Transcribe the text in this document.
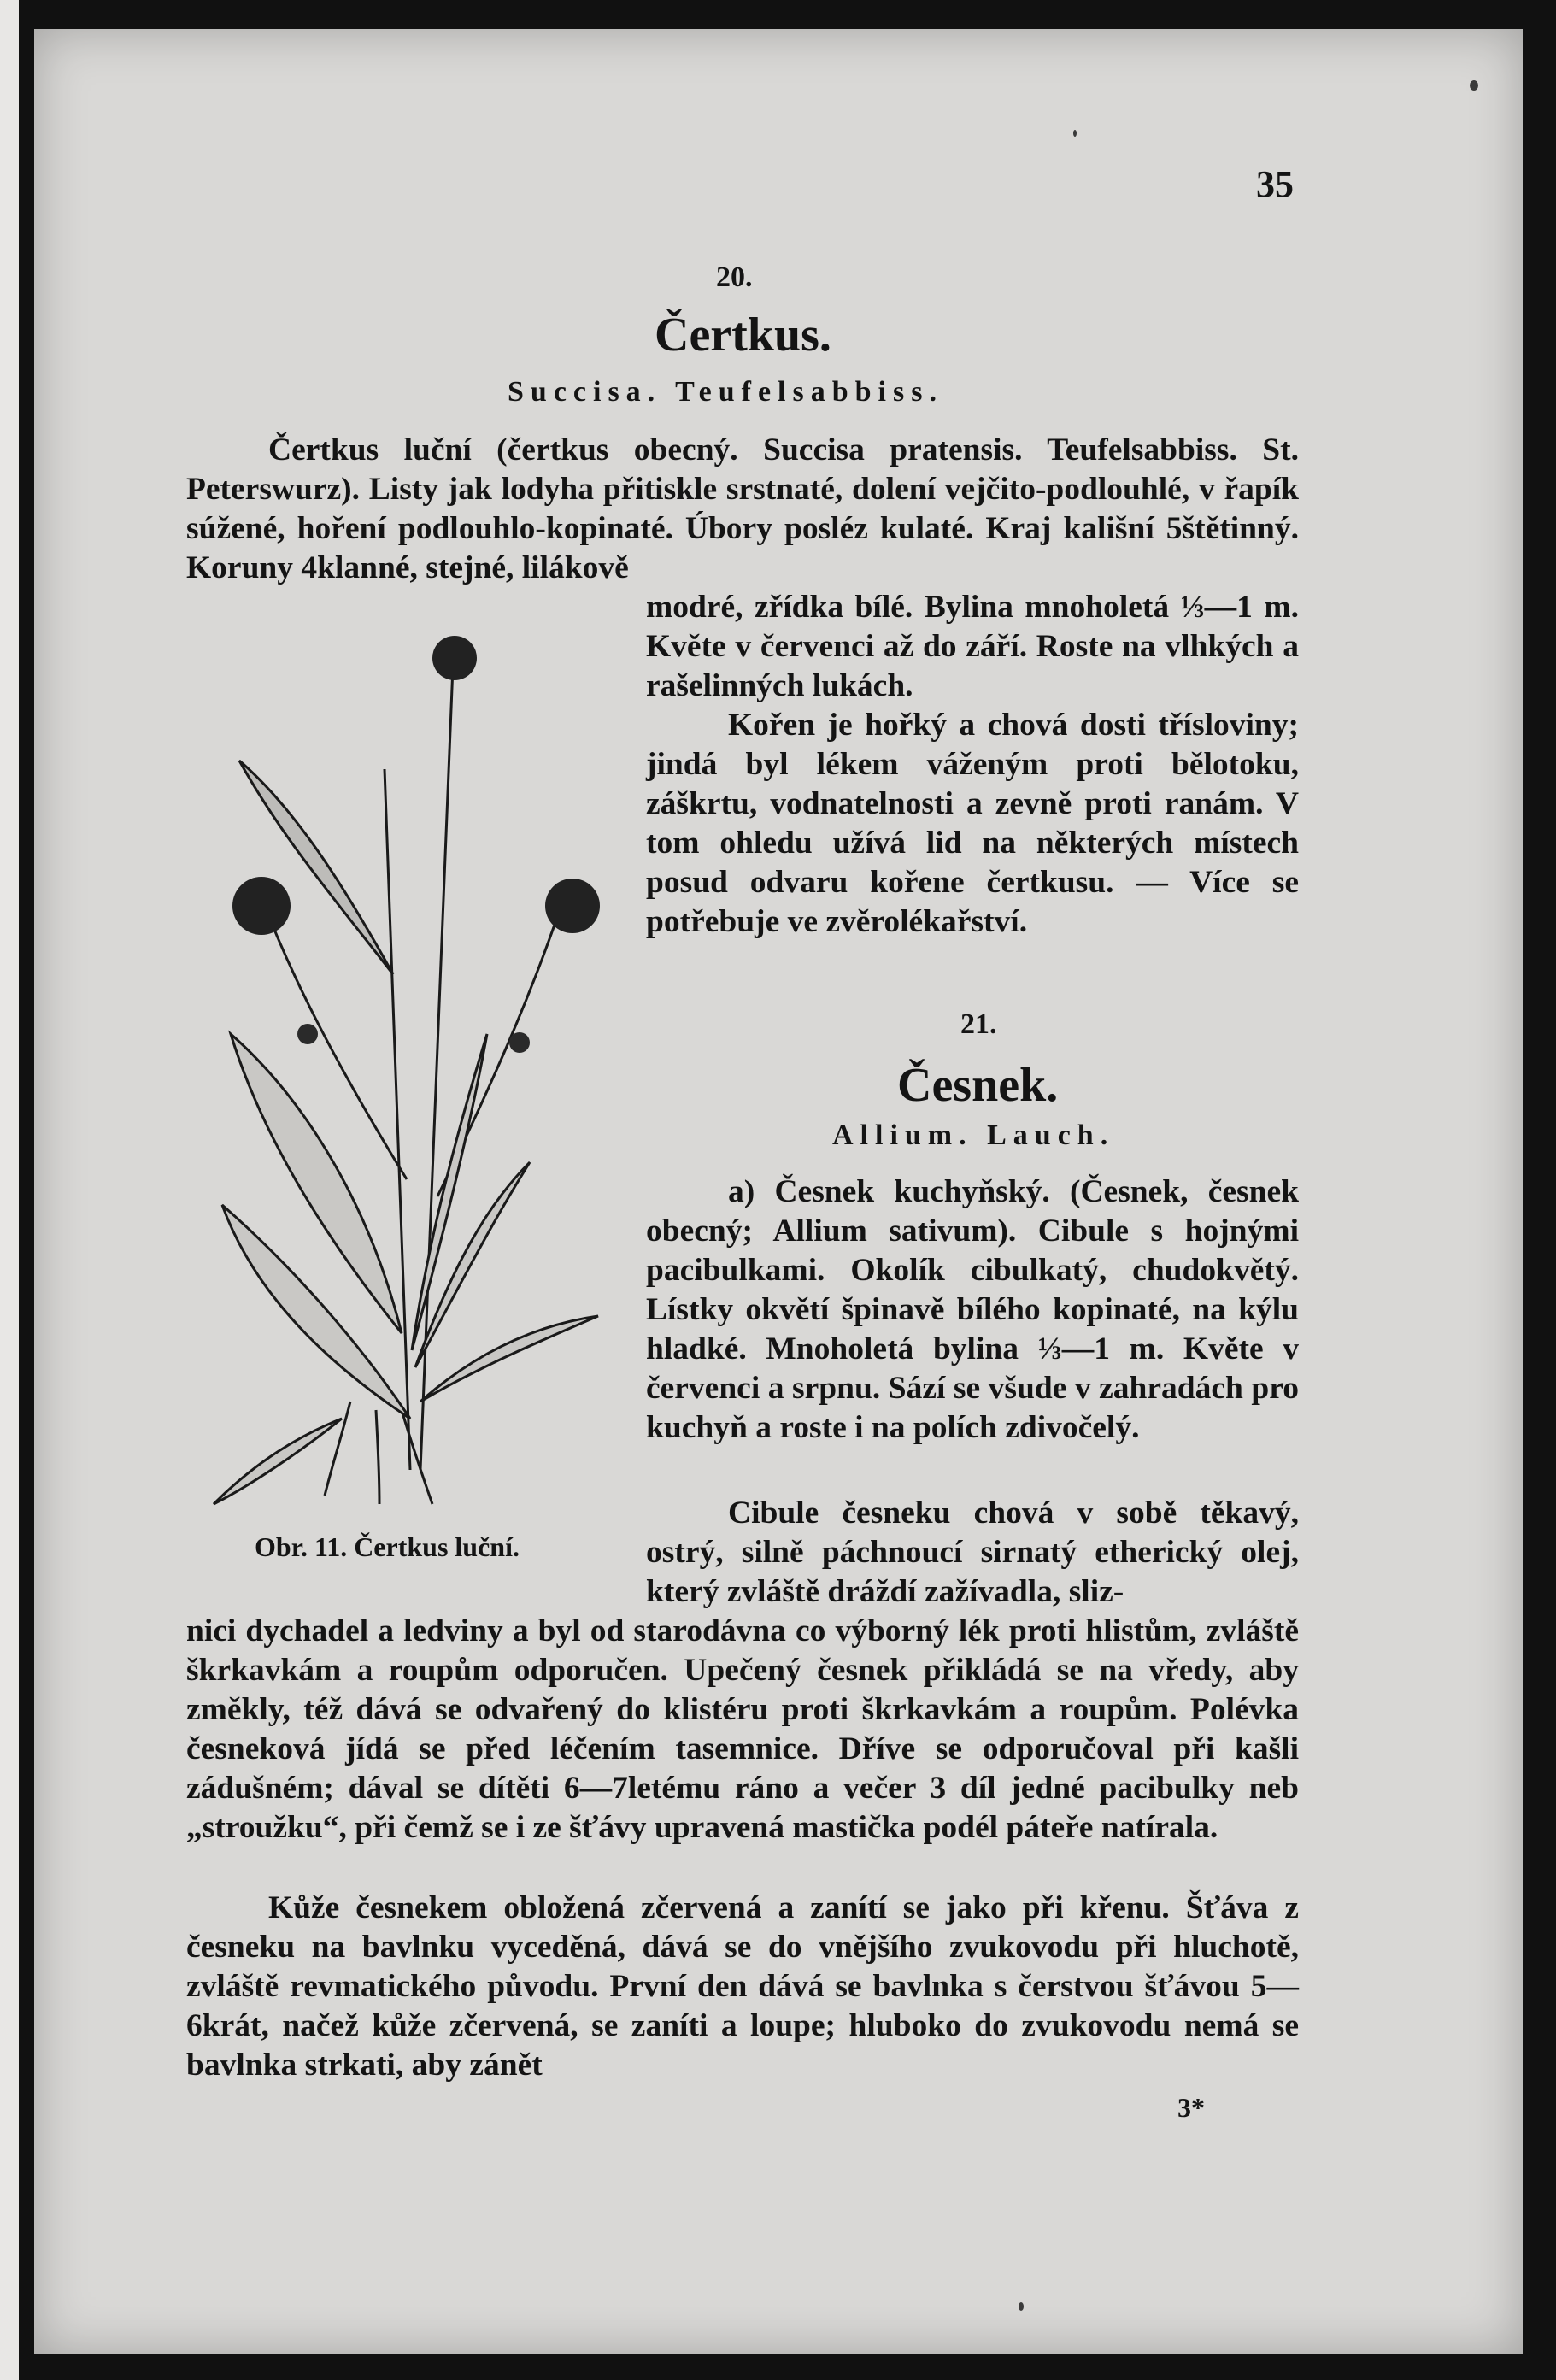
35
20.
Čertkus.
Succisa. Teufelsabbiss.

Čertkus luční (čertkus obecný. Succisa pratensis. Teufelsabbiss. St. Peterswurz). Listy jak lodyha přitiskle srstnaté, dolení vejčito-podlouhlé, v řapík súžené, hoření podlouhlo-kopinaté. Úbory posléz kulaté. Kraj kališní 5štětinný. Koruny 4klanné, stejné, lilákově

modré, zřídka bílé. Bylina mnoholetá ⅓—1 m. Květe v červenci až do září. Roste na vlhkých a rašelinných lukách.

Kořen je hořký a chová dosti třísloviny; jindá byl lékem váženým proti bělotoku, záškrtu, vodnatelnosti a zevně proti ranám. V tom ohledu užívá lid na některých místech posud odvaru kořene čertkusu. — Více se potřebuje ve zvěrolékařství.

Obr. 11. Čertkus luční.
21.
Česnek.
Allium. Lauch.

a) Česnek kuchyňský. (Česnek, česnek obecný; Allium sativum). Cibule s hojnými pacibulkami. Okolík cibulkatý, chudokvětý. Lístky okvětí špinavě bílého kopinaté, na kýlu hladké. Mnoholetá bylina ⅓—1 m. Květe v červenci a srpnu. Sází se všude v zahradách pro kuchyň a roste i na polích zdivočelý.

Cibule česneku chová v sobě těkavý, ostrý, silně páchnoucí sirnatý etherický olej, který zvláště dráždí zažívadla, sliz-

nici dychadel a ledviny a byl od starodávna co výborný lék proti hlistům, zvláště škrkavkám a roupům odporučen. Upečený česnek přikládá se na vředy, aby změkly, též dává se odvařený do klistéru proti škrkavkám a roupům. Polévka česneková jídá se před léčením tasemnice. Dříve se odporučoval při kašli zádušném; dával se dítěti 6—7letému ráno a večer 3 díl jedné pacibulky neb „stroužku“, při čemž se i ze šťávy upravená mastička podél páteře natírala.

Kůže česnekem obložená zčervená a zanítí se jako při křenu. Šťáva z česneku na bavlnku vyceděná, dává se do vnějšího zvukovodu při hluchotě, zvláště revmatického původu. První den dává se bavlnka s čerstvou šťávou 5—6krát, načež kůže zčervená, se zaníti a loupe; hluboko do zvukovodu nemá se bavlnka strkati, aby zánět

3*
